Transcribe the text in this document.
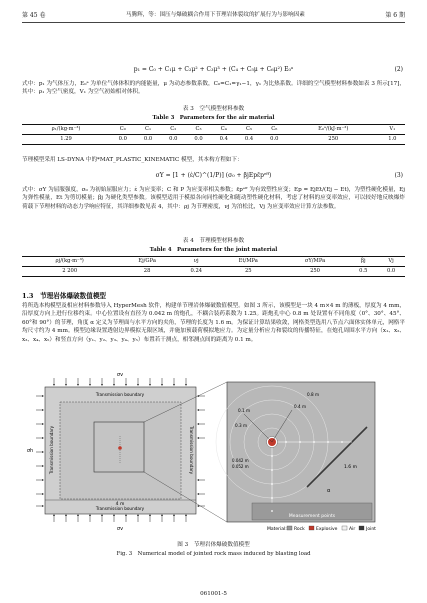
第 45 卷	马腾辉，等：围压与爆破耦合作用下节理岩体裂纹的扩展行为与影响因素	第 6 期
p₁ = C₀ + C₁μ + C₂μ² + C₃μ³ + (C₄ + C₅μ + C₆μ²) E₀ᵃ	(2)
式中：p₁ 为气体压力，E₀ᵃ 为单位气体体积的内能能量，μ 为动态参数系数，C₀=C₁=γ₁−1，γ₁ 为比热系数。详细的空气模型材料参数如表 3 所示[17]，其中：ρ₁ 为空气密度，V₁ 为空气初始相对体积。
表 3　空气模型材料参数
Table 3　Parameters for the air material
ρ₁/(kg·m⁻³)	C₀	C₁	C₂	C₃	C₄	C₅	C₆	E₀ᵃ/(kJ·m⁻³)	V₁
1.29	0.0	0.0	0.0	0.0	0.4	0.4	0.0	250	1.0
节理模型采用 LS-DYNA 中的*MAT_PLASTIC_KINEMATIC 模型，其本构方程如下：
σY = [1 + (ε̇/C)^(1/P)] (σ₀ + βjEpε̄pᵉᶠᶠ)	(3)
式中：σY 为屈服强度，σ₀ 为初始屈服应力；ε̇ 为应变率；C 和 P 为应变率相关参数；ε̄pᵉᶠᶠ 为有效塑性应变；Ep = EjEt/(Ej − Et)，为塑性硬化模量，Ej 为弹性模量，Et 为剪切模量；βj 为硬化类型参数。该模型适用于模拟各向同性硬化和随动塑性硬化材料，考虑了材料的应变率效应，可以较好地反映爆炸荷载下节理材料的动态力学响应特征，其详细参数见表 4，其中：ρj 为节理密度，νj 为泊松比，Vj 为应变率效应计算方法参数。
表 4　节理模型材料参数
Table 4　Parameters for the joint material
ρj/(kg·m⁻³)	Ej/GPa	νj	Et/MPa	σY/MPa	βj	Vj
2 200	28	0.24	25	250	0.5	0.0
1.3　节理岩体爆破数值模型
将所选本构模型及相应材料参数导入 HyperMesh 软件，构建单节理岩体爆破数值模型。如图 3 所示，该模型是一块 4 m×4 m 的薄板，厚度为 4 mm，沿厚度方向上进行位移约束。中心位置设有直径为 0.042 m 的炮孔，不耦合装药系数为 1.25。距炮孔中心 0.8 m 处设置有不同角度（0°、30°、45°、60°和 90°）的节理，角度 α 定义为节理面与水平方向的夹角，节理的长度为 1.6 m。为保证计算结果收敛，网格类型选用八节点六面体实体单元，网格平均尺寸约为 4 mm。模型边缘设置透射边界模拟无限区域，并施加预载荷模拟地应力。为定量分析应力和裂纹的传播特征，在炮孔周围水平方向（x₁、x₂、x₃、x₄、x₅）和竖直方向（y₁、y₂、y₃、y₄、y₅）布置若干测点，相邻测点间的距离为 0.1 m。
σv
σv
σh
Transmission boundary
Transmission boundary
Transmission boundary	Transmission boundary
4 m
α
1.6 m
0.1 m
0.3 m
0.4 m
0.8 m
0.042 m
0.052 m
Measurement points
Material: Rock Explosive	Air Joint
图 3　节理岩体爆破数值模型
Fig. 3　Numerical model of jointed rock mass induced by blasting load
061001-5
